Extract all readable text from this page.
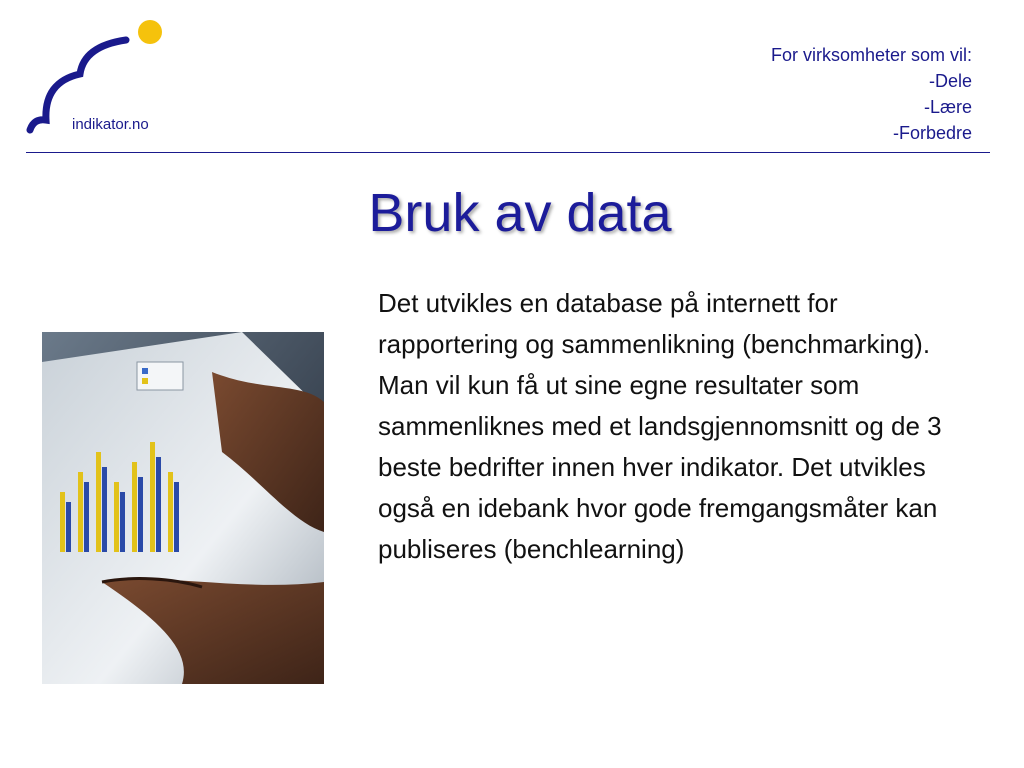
indikator.no
For virksomheter som vil:
-Dele
-Lære
-Forbedre
Bruk av data
Det utvikles en database på internett for rapportering og sammenlikning (benchmarking). Man vil kun få ut sine egne resultater som sammenliknes med et landsgjennomsnitt og de 3 beste bedrifter innen hver indikator. Det utvikles også en idebank hvor gode fremgangsmåter kan publiseres (benchlearning)
